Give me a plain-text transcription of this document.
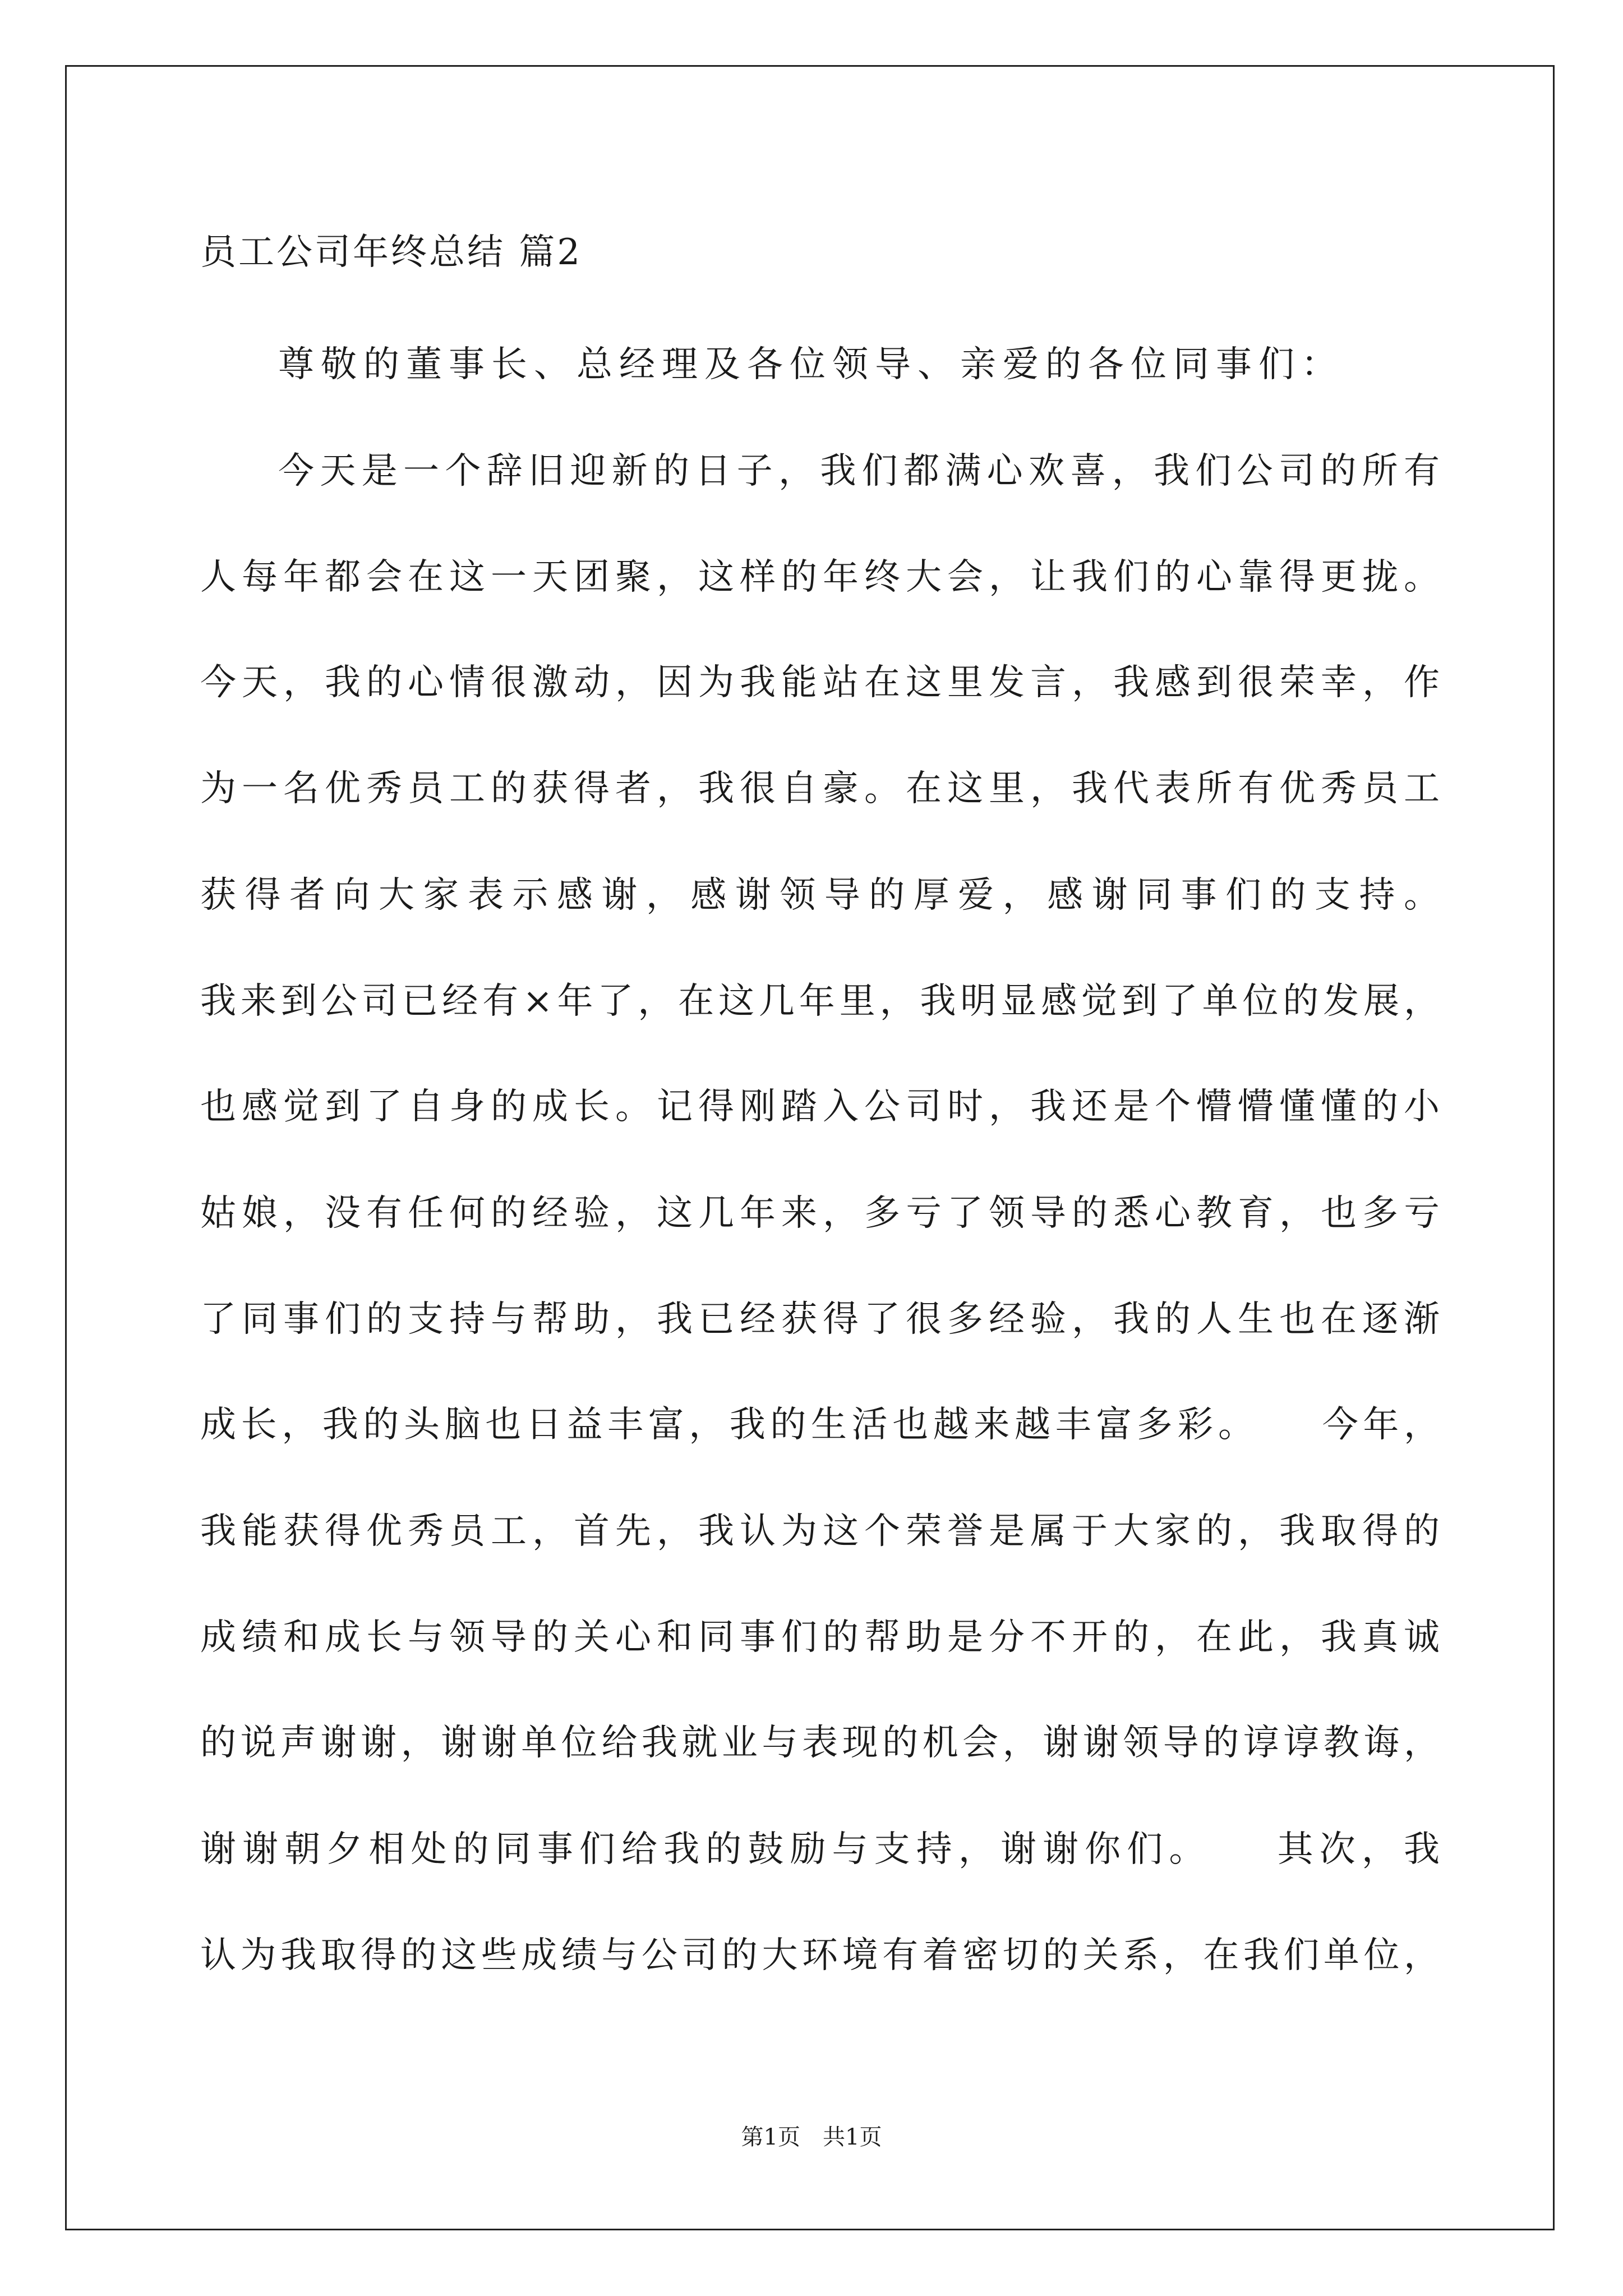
员工公司年终总结 篇2
尊敬的董事长、总经理及各位领导、亲爱的各位同事们：
今天是一个辞旧迎新的日子，我们都满心欢喜，我们公司的所有
人每年都会在这一天团聚，这样的年终大会，让我们的心靠得更拢。
今天，我的心情很激动，因为我能站在这里发言，我感到很荣幸，作
为一名优秀员工的获得者，我很自豪。在这里，我代表所有优秀员工
获得者向大家表示感谢，感谢领导的厚爱，感谢同事们的支持。
我来到公司已经有×年了，在这几年里，我明显感觉到了单位的发展，
也感觉到了自身的成长。记得刚踏入公司时，我还是个懵懵懂懂的小
姑娘，没有任何的经验，这几年来，多亏了领导的悉心教育，也多亏
了同事们的支持与帮助，我已经获得了很多经验，我的人生也在逐渐
成长，我的头脑也日益丰富，我的生活也越来越丰富多彩。　　今年，
我能获得优秀员工，首先，我认为这个荣誉是属于大家的，我取得的
成绩和成长与领导的关心和同事们的帮助是分不开的，在此，我真诚
的说声谢谢，谢谢单位给我就业与表现的机会，谢谢领导的谆谆教诲，
谢谢朝夕相处的同事们给我的鼓励与支持，谢谢你们。　　其次，我
认为我取得的这些成绩与公司的大环境有着密切的关系，在我们单位，
第1页　共1页
